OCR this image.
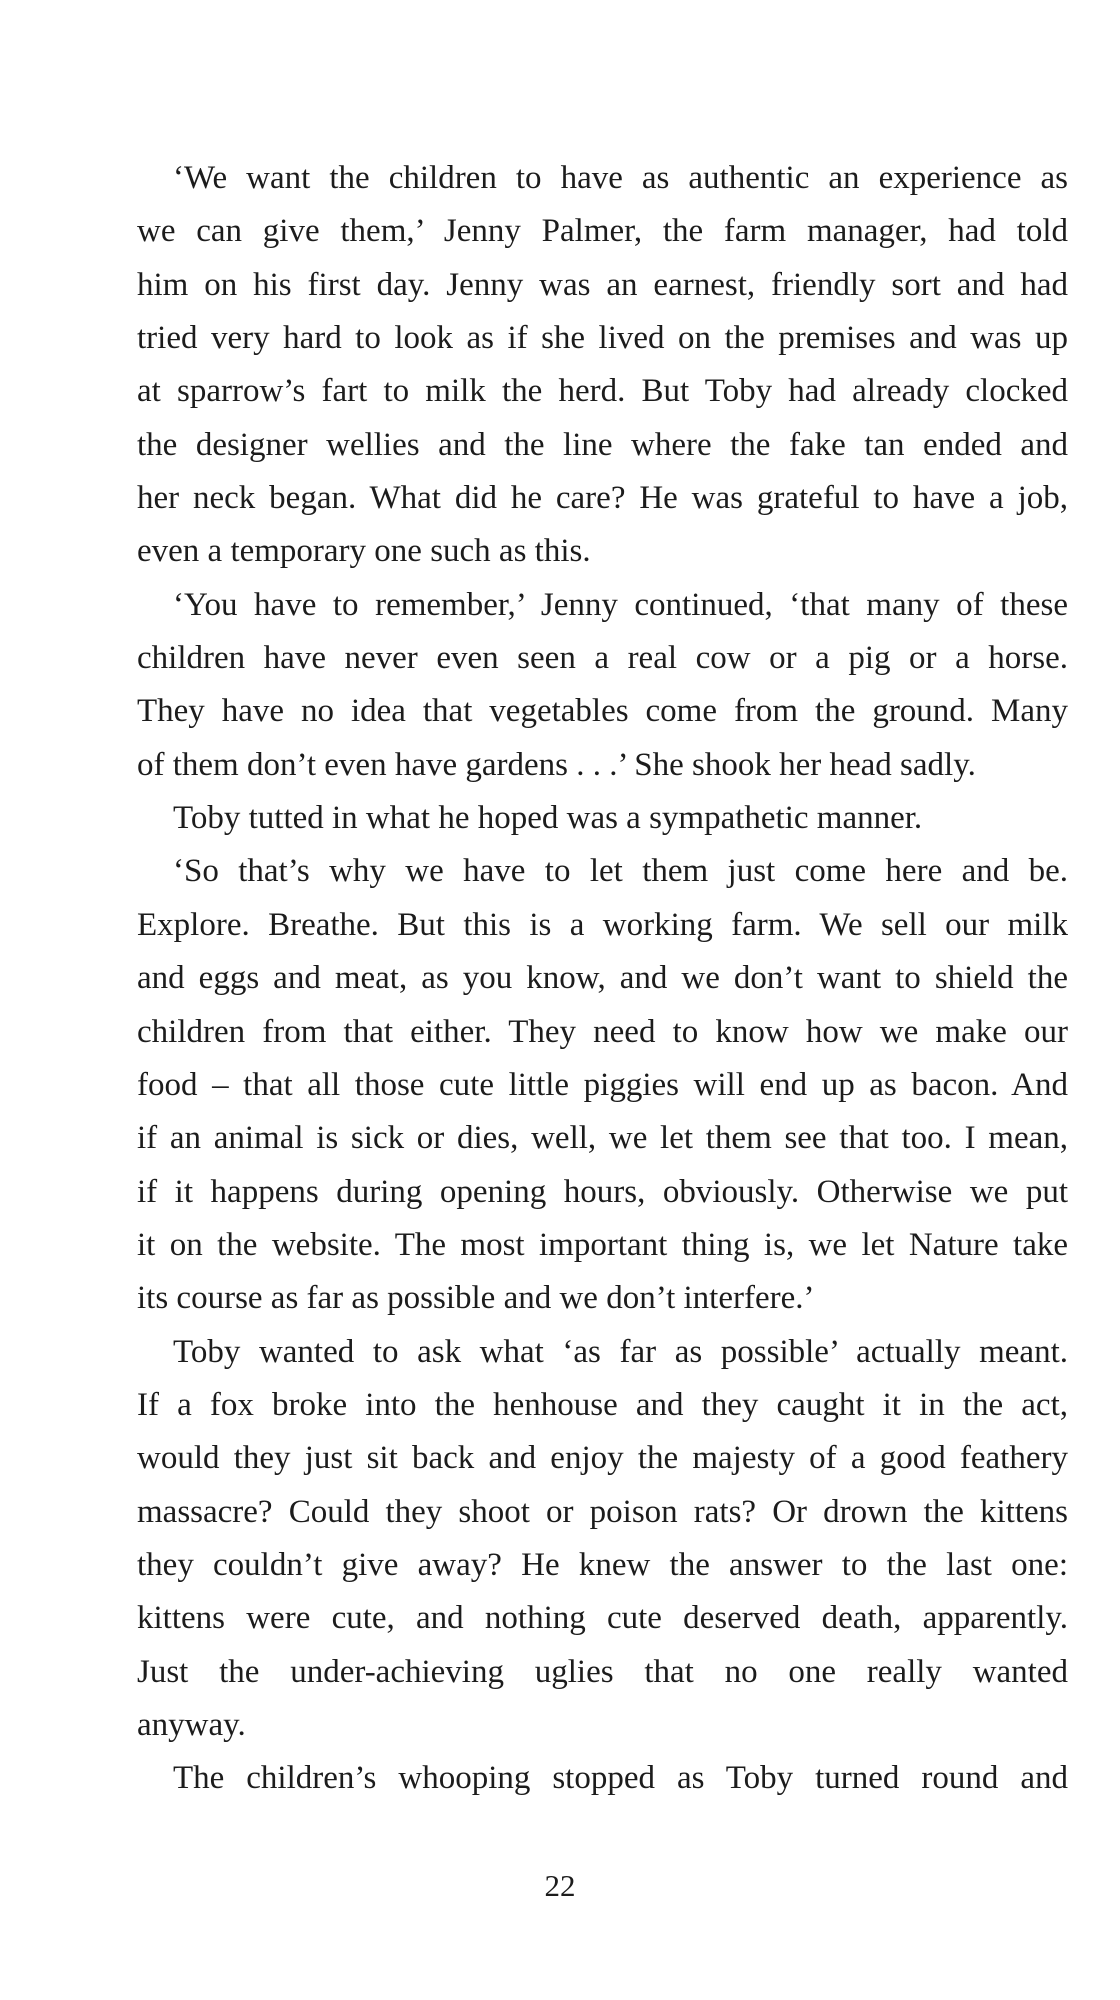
‘We want the children to have as authentic an experience as
we can give them,’ Jenny Palmer, the farm manager, had told
him on his first day. Jenny was an earnest, friendly sort and had
tried very hard to look as if she lived on the premises and was up
at sparrow’s fart to milk the herd. But Toby had already clocked
the designer wellies and the line where the fake tan ended and
her neck began. What did he care? He was grateful to have a job,
even a temporary one such as this.
‘You have to remember,’ Jenny continued, ‘that many of these
children have never even seen a real cow or a pig or a horse.
They have no idea that vegetables come from the ground. Many
of them don’t even have gardens . . .’ She shook her head sadly.
Toby tutted in what he hoped was a sympathetic manner.
‘So that’s why we have to let them just come here and be.
Explore. Breathe. But this is a working farm. We sell our milk
and eggs and meat, as you know, and we don’t want to shield the
children from that either. They need to know how we make our
food – that all those cute little piggies will end up as bacon. And
if an animal is sick or dies, well, we let them see that too. I mean,
if it happens during opening hours, obviously. Otherwise we put
it on the website. The most important thing is, we let Nature take
its course as far as possible and we don’t interfere.’
Toby wanted to ask what ‘as far as possible’ actually meant.
If a fox broke into the henhouse and they caught it in the act,
would they just sit back and enjoy the majesty of a good feathery
massacre? Could they shoot or poison rats? Or drown the kittens
they couldn’t give away? He knew the answer to the last one:
kittens were cute, and nothing cute deserved death, apparently.
Just the under-achieving uglies that no one really wanted
anyway.
The children’s whooping stopped as Toby turned round and
22
